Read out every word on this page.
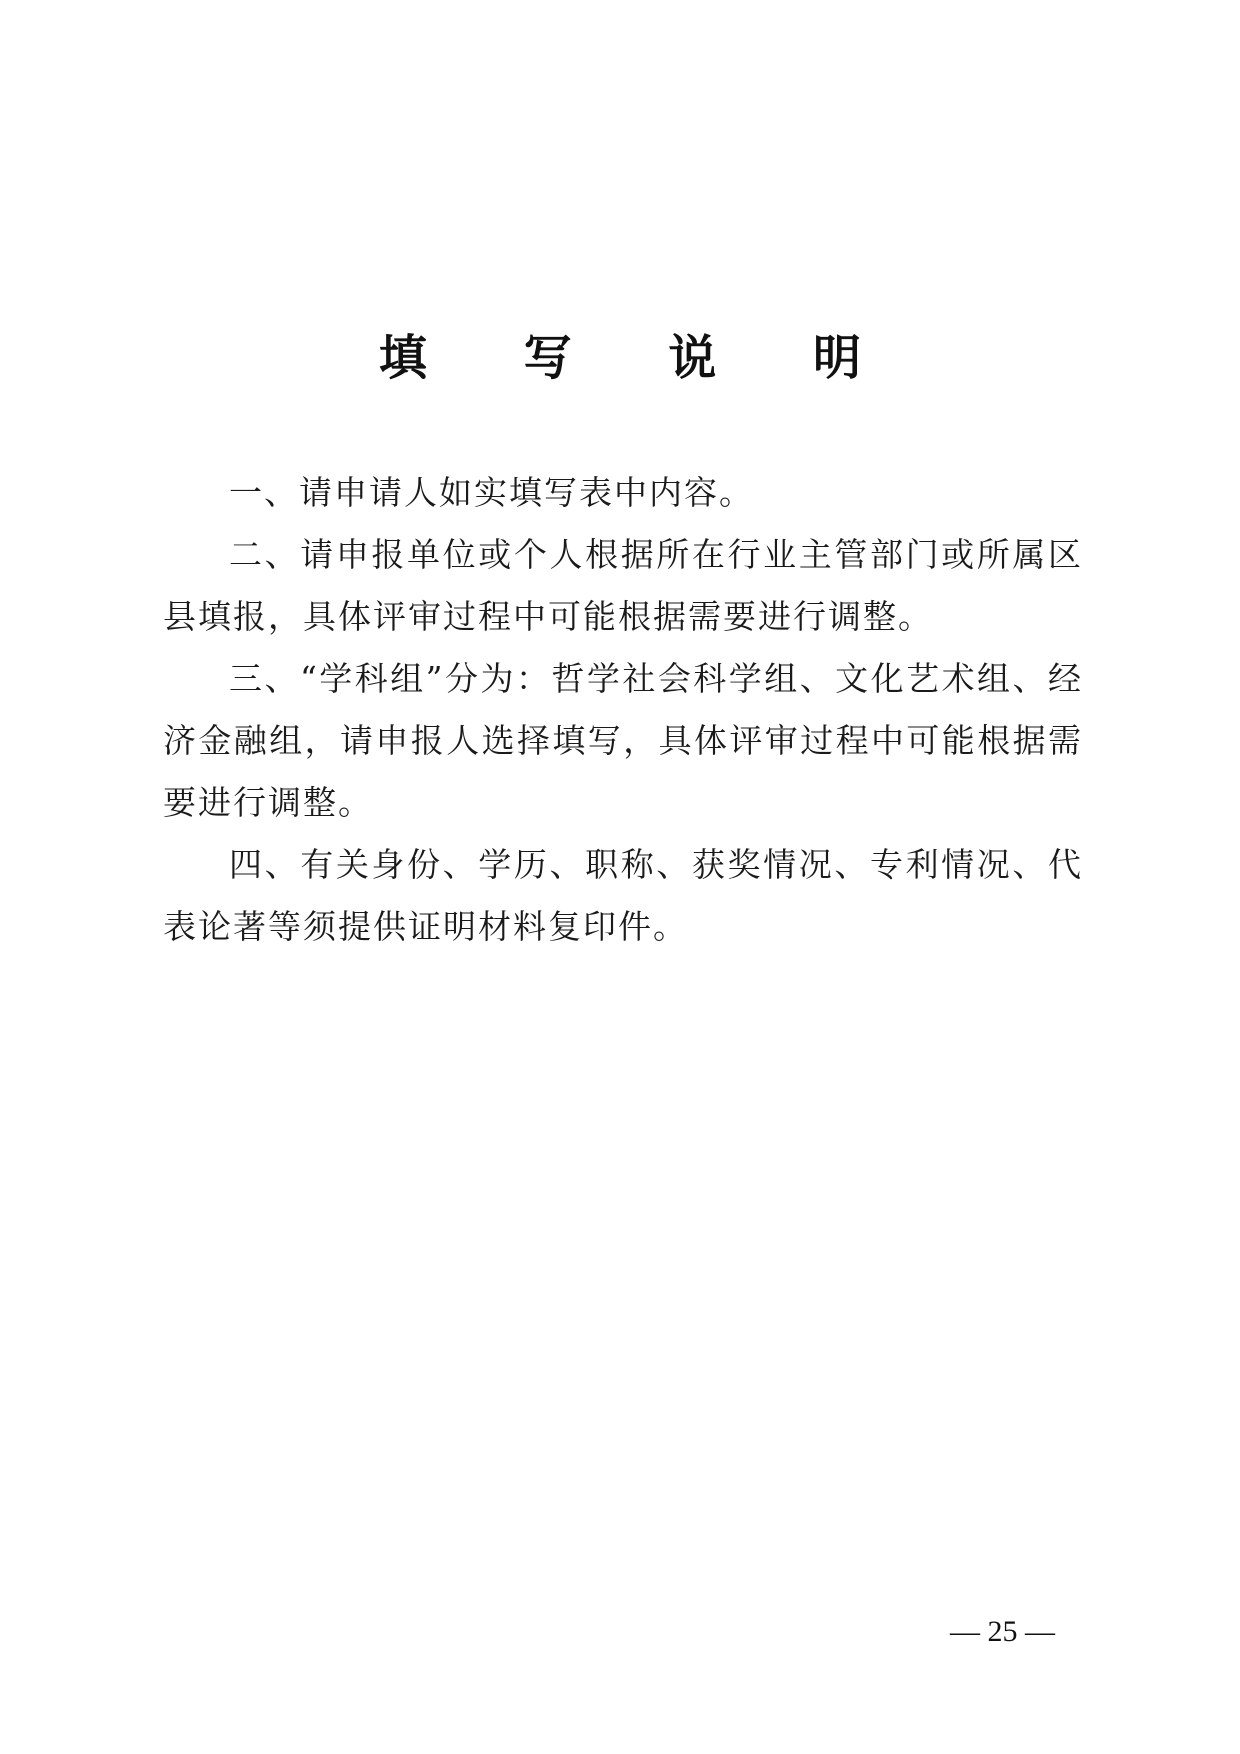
填 写 说 明

一、请申请人如实填写表中内容。

二、请申报单位或个人根据所在行业主管部门或所属区县填报，具体评审过程中可能根据需要进行调整。

三、“学科组”分为：哲学社会科学组、文化艺术组、经济金融组，请申报人选择填写，具体评审过程中可能根据需要进行调整。

四、有关身份、学历、职称、获奖情况、专利情况、代表论著等须提供证明材料复印件。

— 25 —
